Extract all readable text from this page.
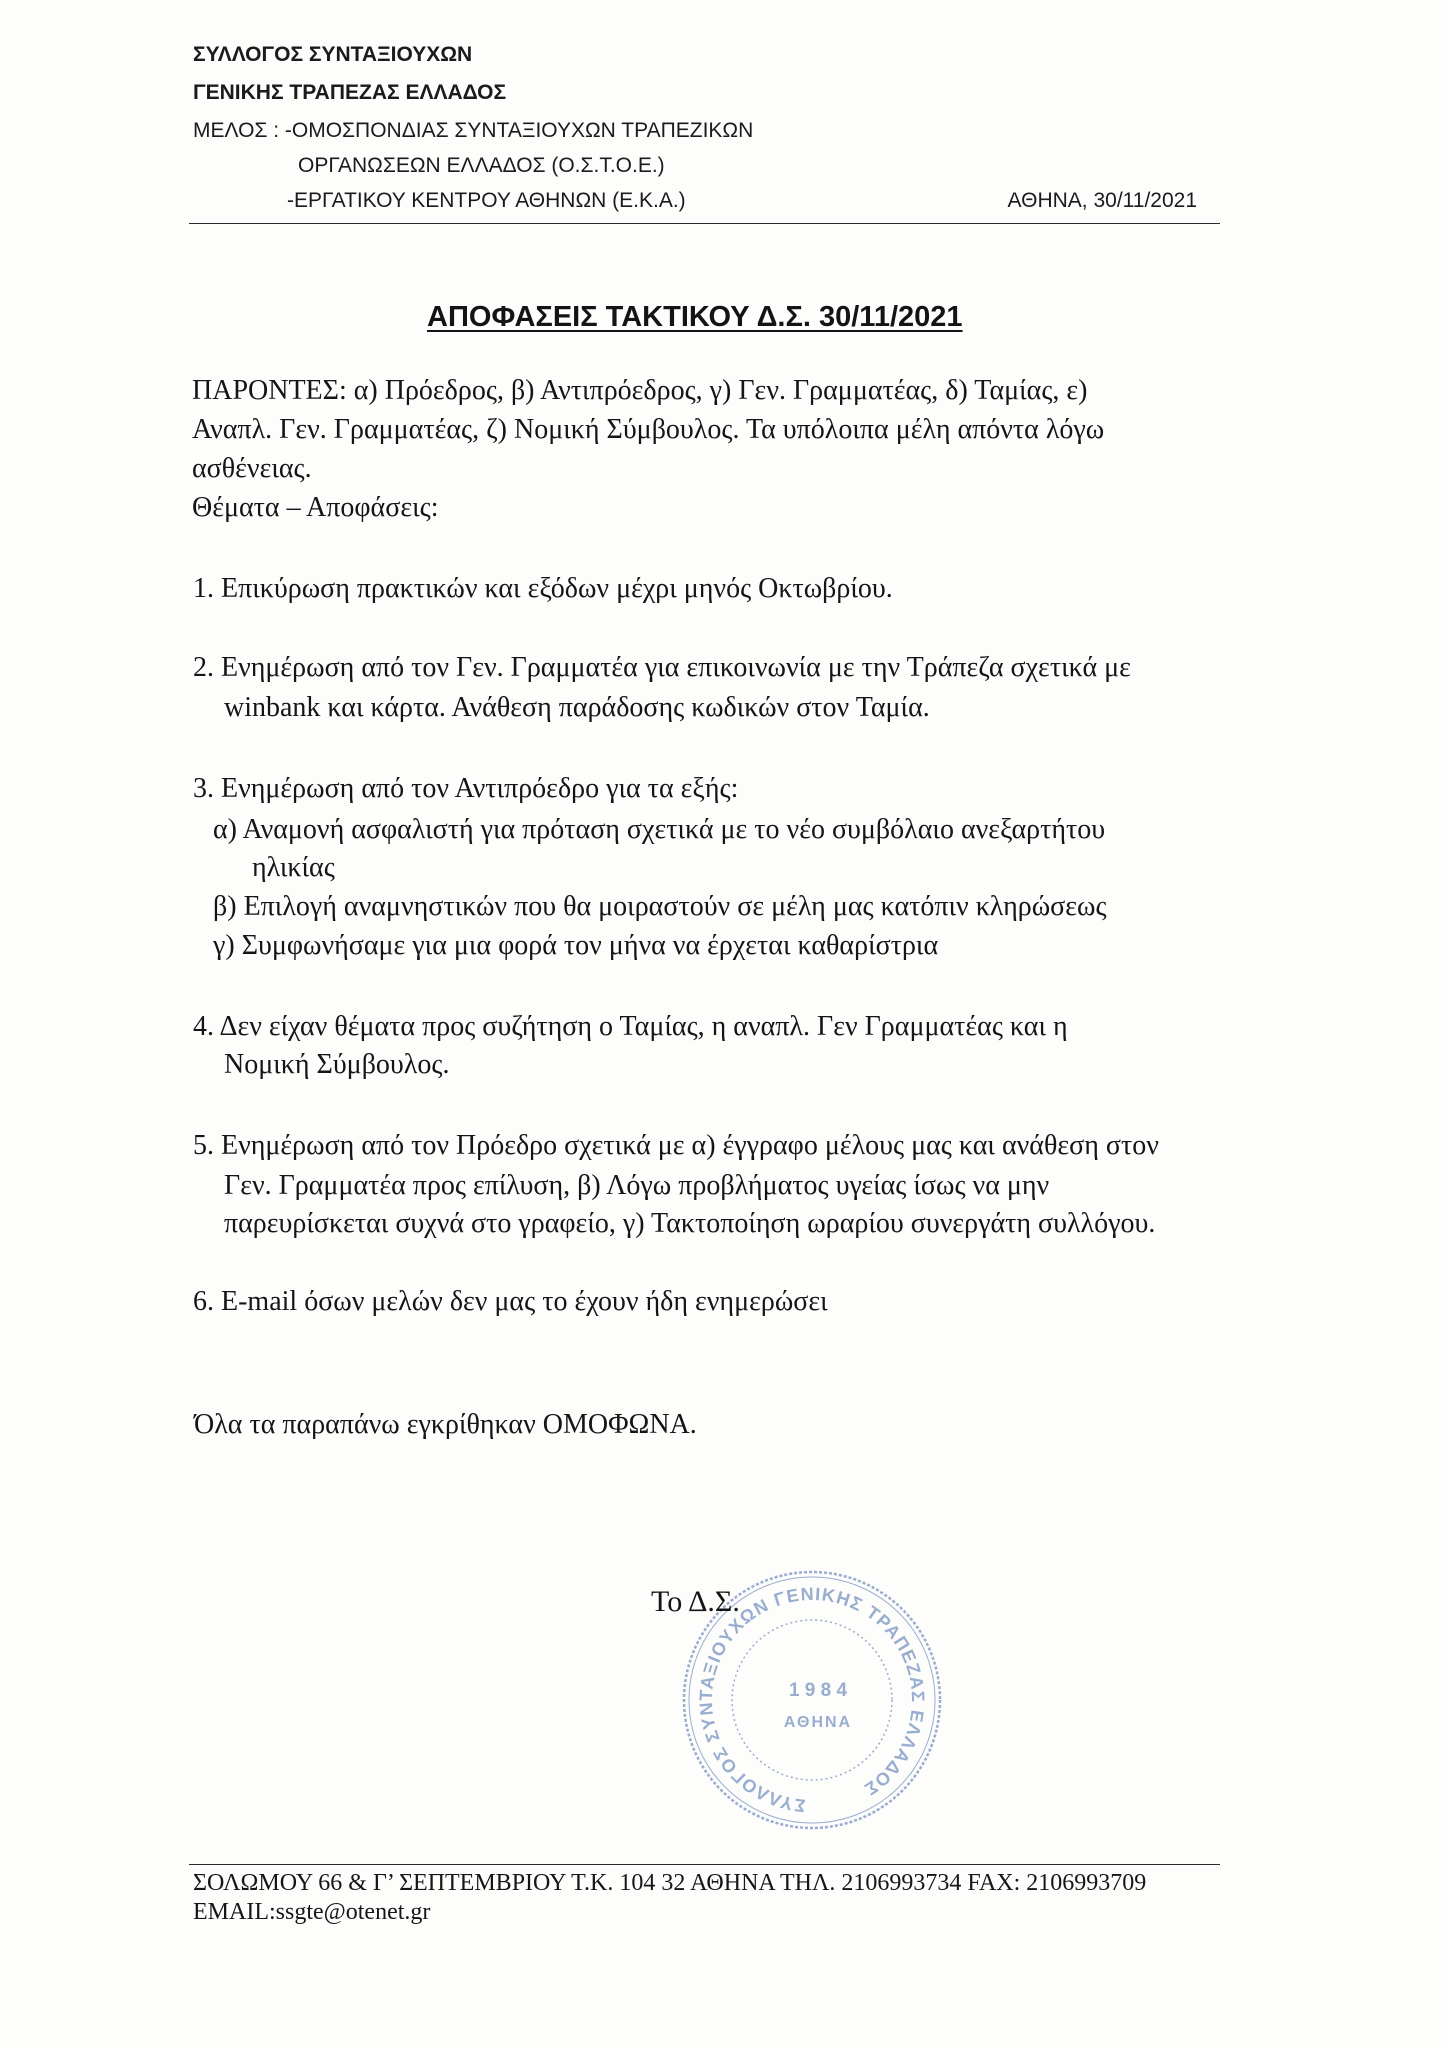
ΣΥΛΛΟΓΟΣ ΣΥΝΤΑΞΙΟΥΧΩΝ
ΓΕΝΙΚΗΣ ΤΡΑΠΕΖΑΣ ΕΛΛΑΔΟΣ
ΜΕΛΟΣ : -ΟΜΟΣΠΟΝΔΙΑΣ ΣΥΝΤΑΞΙΟΥΧΩΝ ΤΡΑΠΕΖΙΚΩΝ
ΟΡΓΑΝΩΣΕΩΝ ΕΛΛΑΔΟΣ (Ο.Σ.Τ.Ο.Ε.)
-ΕΡΓΑΤΙΚΟΥ ΚΕΝΤΡΟΥ ΑΘΗΝΩΝ (Ε.Κ.Α.)	ΑΘΗΝΑ, 30/11/2021
ΑΠΟΦΑΣΕΙΣ ΤΑΚΤΙΚΟΥ Δ.Σ. 30/11/2021
ΠΑΡΟΝΤΕΣ: α) Πρόεδρος, β) Αντιπρόεδρος, γ) Γεν. Γραμματέας, δ) Ταμίας, ε)
Αναπλ. Γεν. Γραμματέας, ζ) Νομική Σύμβουλος. Τα υπόλοιπα μέλη απόντα λόγω
ασθένειας.
Θέματα – Αποφάσεις:
1. Επικύρωση πρακτικών και εξόδων μέχρι μηνός Οκτωβρίου.
2. Ενημέρωση από τον Γεν. Γραμματέα για επικοινωνία με την Τράπεζα σχετικά με
winbank και κάρτα. Ανάθεση παράδοσης κωδικών στον Ταμία.
3. Ενημέρωση από τον Αντιπρόεδρο για τα εξής:
α) Αναμονή ασφαλιστή για πρόταση σχετικά με το νέο συμβόλαιο ανεξαρτήτου
ηλικίας
β) Επιλογή αναμνηστικών που θα μοιραστούν σε μέλη μας κατόπιν κληρώσεως
γ) Συμφωνήσαμε για μια φορά τον μήνα να έρχεται καθαρίστρια
4. Δεν είχαν θέματα προς συζήτηση ο Ταμίας, η αναπλ. Γεν Γραμματέας και η
Νομική Σύμβουλος.
5. Ενημέρωση από τον Πρόεδρο σχετικά με α) έγγραφο μέλους μας και ανάθεση στον
Γεν. Γραμματέα προς επίλυση, β) Λόγω προβλήματος υγείας ίσως να μην
παρευρίσκεται συχνά στο γραφείο, γ) Τακτοποίηση ωραρίου συνεργάτη συλλόγου.
6. E-mail όσων μελών δεν μας το έχουν ήδη ενημερώσει
Όλα τα παραπάνω εγκρίθηκαν ΟΜΟΦΩΝΑ.
Το Δ.Σ.
ΣΥΛΛΟΓΟΣ ΣΥΝΤΑΞΙΟΥΧΩΝ ΓΕΝΙΚΗΣ ΤΡΑΠΕΖΑΣ ΕΛΛΑΔΟΣ
1 9 8 4
ΑΘΗΝΑ
ΣΟΛΩΜΟΥ 66 & Γ’ ΣΕΠΤΕΜΒΡΙΟΥ Τ.Κ. 104 32 ΑΘΗΝΑ ΤΗΛ. 2106993734 FAX: 2106993709
EMAIL:ssgte@otenet.gr
